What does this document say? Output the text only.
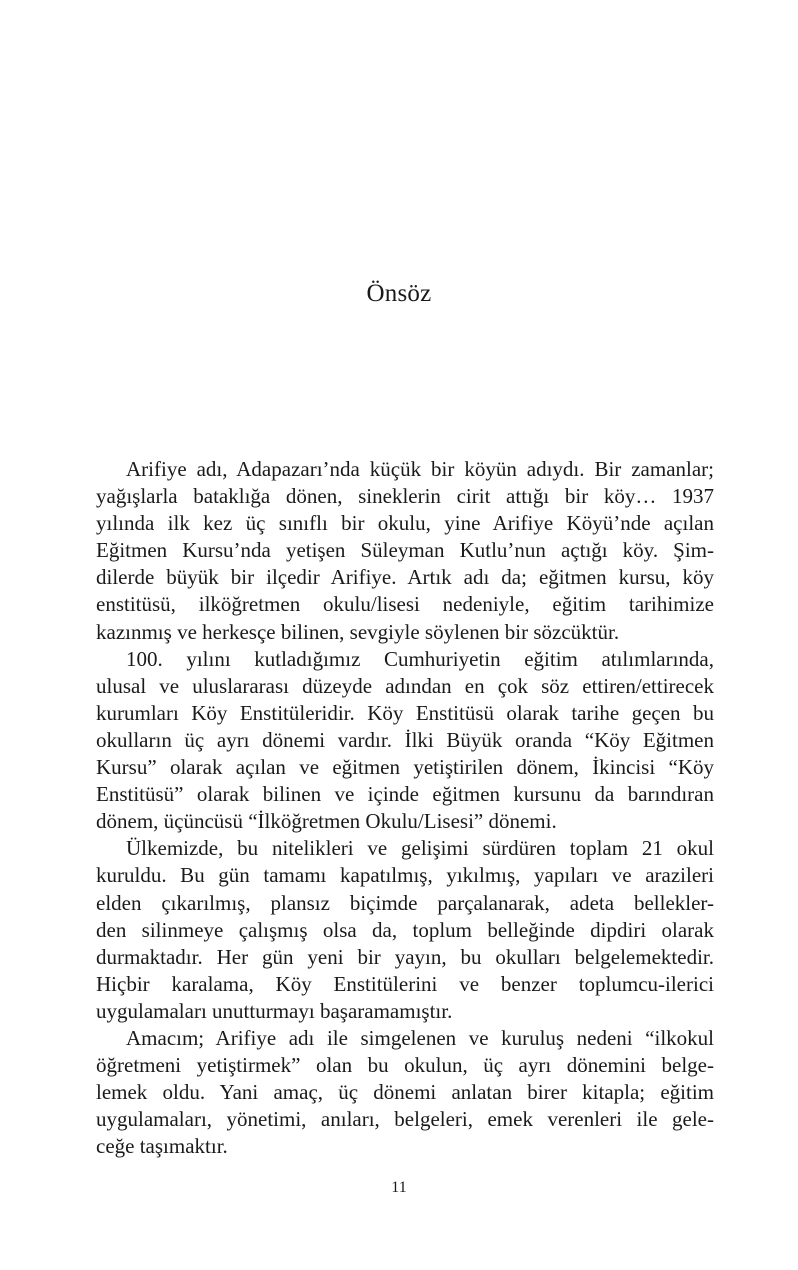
Önsöz

Arifiye adı, Adapazarı’nda küçük bir köyün adıydı. Bir zamanlar;
yağışlarla bataklığa dönen, sineklerin cirit attığı bir köy… 1937
yılında ilk kez üç sınıflı bir okulu, yine Arifiye Köyü’nde açılan
Eğitmen Kursu’nda yetişen Süleyman Kutlu’nun açtığı köy. Şim-
dilerde büyük bir ilçedir Arifiye. Artık adı da; eğitmen kursu, köy
enstitüsü, ilköğretmen okulu/lisesi nedeniyle, eğitim tarihimize
kazınmış ve herkesçe bilinen, sevgiyle söylenen bir sözcüktür.

100. yılını kutladığımız Cumhuriyetin eğitim atılımlarında,
ulusal ve uluslararası düzeyde adından en çok söz ettiren/ettirecek
kurumları Köy Enstitüleridir. Köy Enstitüsü olarak tarihe geçen bu
okulların üç ayrı dönemi vardır. İlki Büyük oranda “Köy Eğitmen
Kursu” olarak açılan ve eğitmen yetiştirilen dönem, İkincisi “Köy
Enstitüsü” olarak bilinen ve içinde eğitmen kursunu da barındıran
dönem, üçüncüsü “İlköğretmen Okulu/Lisesi” dönemi.

Ülkemizde, bu nitelikleri ve gelişimi sürdüren toplam 21 okul
kuruldu. Bu gün tamamı kapatılmış, yıkılmış, yapıları ve arazileri
elden çıkarılmış, plansız biçimde parçalanarak, adeta bellekler-
den silinmeye çalışmış olsa da, toplum belleğinde dipdiri olarak
durmaktadır. Her gün yeni bir yayın, bu okulları belgelemektedir.
Hiçbir karalama, Köy Enstitülerini ve benzer toplumcu-ilerici
uygulamaları unutturmayı başaramamıştır.

Amacım; Arifiye adı ile simgelenen ve kuruluş nedeni “ilkokul
öğretmeni yetiştirmek” olan bu okulun, üç ayrı dönemini belge-
lemek oldu. Yani amaç, üç dönemi anlatan birer kitapla; eğitim
uygulamaları, yönetimi, anıları, belgeleri, emek verenleri ile gele-
ceğe taşımaktır.

11
